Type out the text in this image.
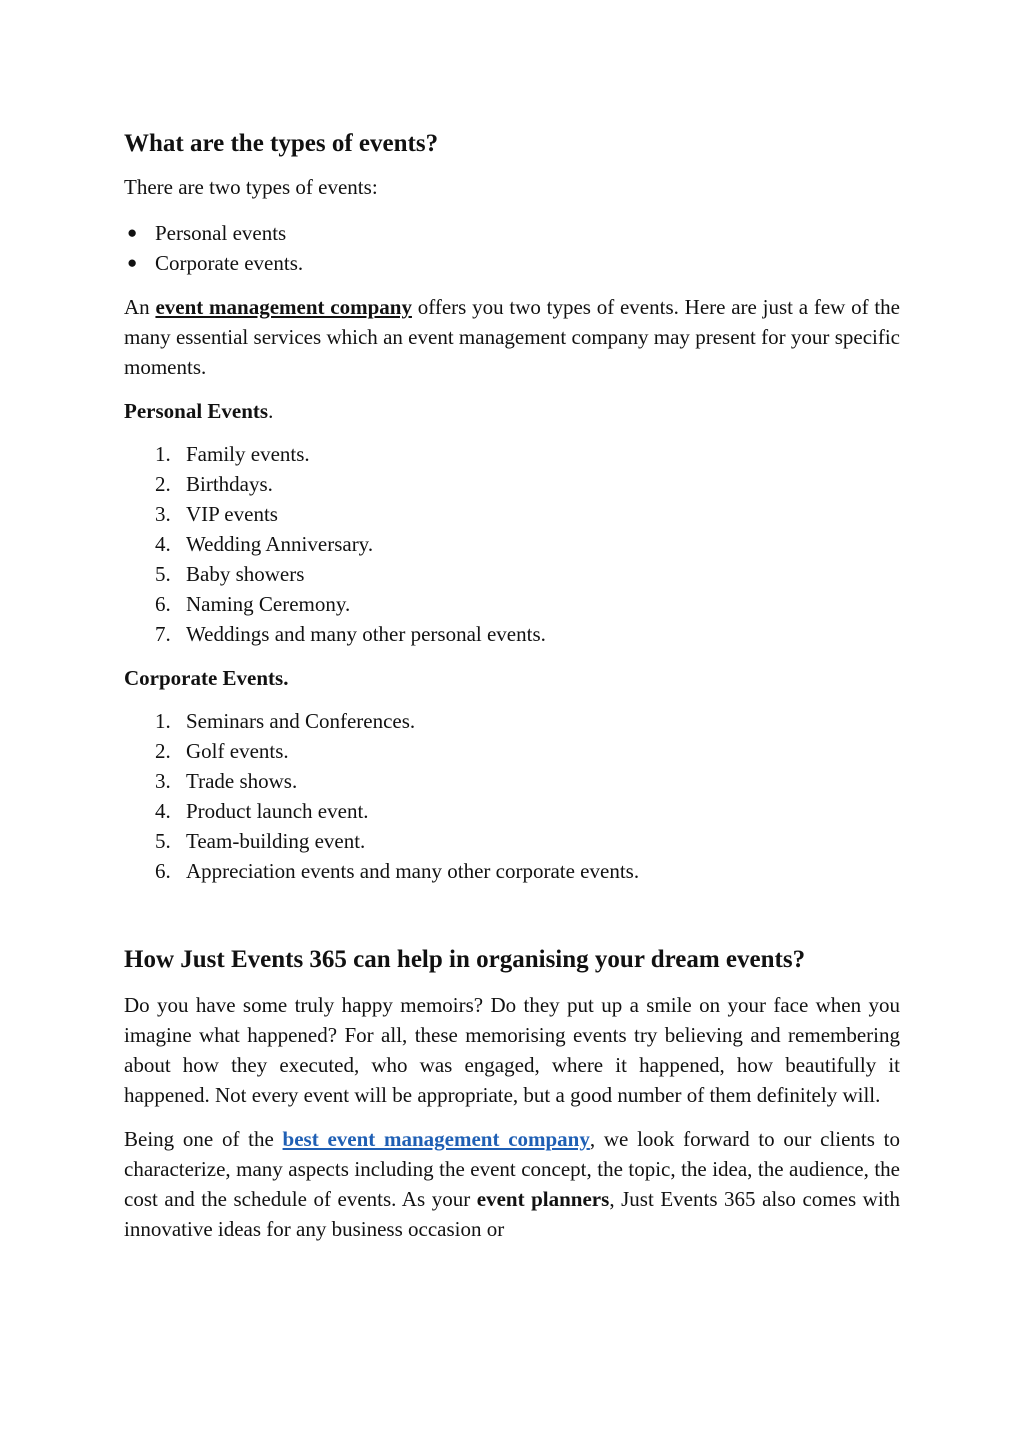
What are the types of events?

There are two types of events:

● Personal events
● Corporate events.

An event management company offers you two types of events. Here are just a few of the many essential services which an event management company may present for your specific moments.

Personal Events.

1. Family events.
2. Birthdays.
3. VIP events
4. Wedding Anniversary.
5. Baby showers
6. Naming Ceremony.
7. Weddings and many other personal events.

Corporate Events.

1. Seminars and Conferences.
2. Golf events.
3. Trade shows.
4. Product launch event.
5. Team-building event.
6. Appreciation events and many other corporate events.
How Just Events 365 can help in organising your dream events?

Do you have some truly happy memoirs? Do they put up a smile on your face when you imagine what happened? For all, these memorising events try believing and remembering about how they executed, who was engaged, where it happened, how beautifully it happened. Not every event will be appropriate, but a good number of them definitely will.

Being one of the best event management company, we look forward to our clients to characterize, many aspects including the event concept, the topic, the idea, the audience, the cost and the schedule of events. As your event planners, Just Events 365 also comes with innovative ideas for any business occasion or
